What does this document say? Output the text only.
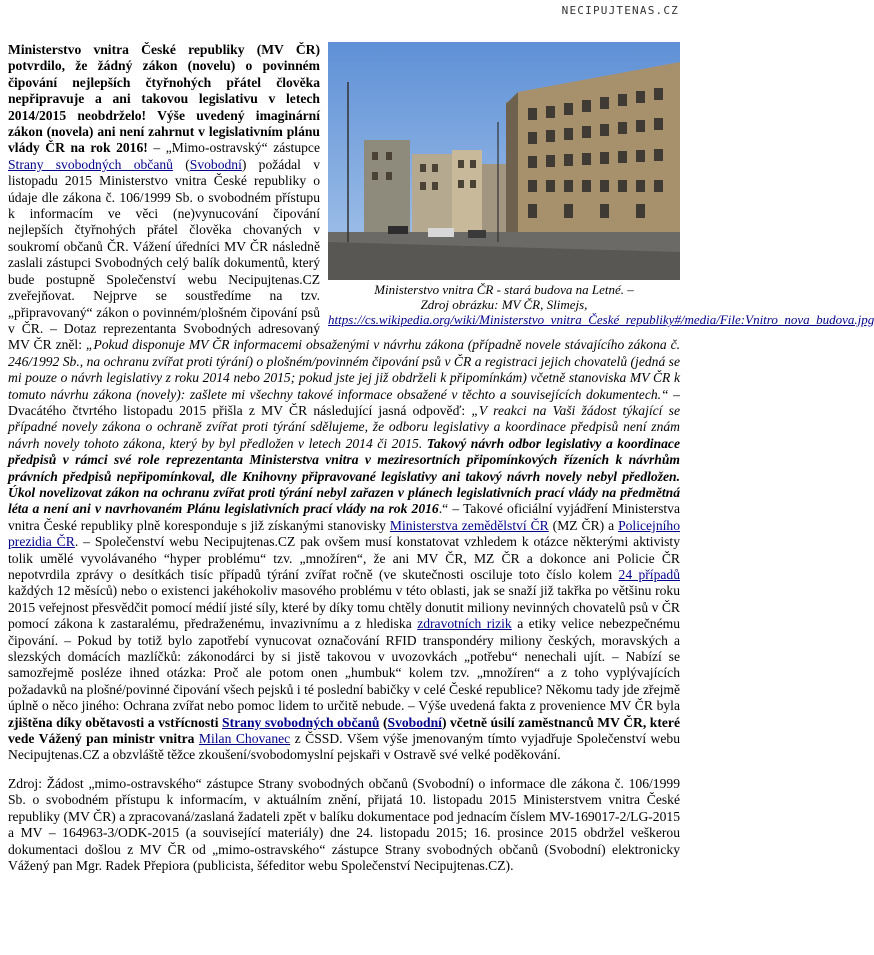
NECIPUJTENAS.CZ
Ministerstvo vnitra ČR - stará budova na Letné. –
Zdroj obrázku: MV ČR, Slimejs,
https://cs.wikipedia.org/wiki/Ministerstvo_vnitra_České_republiky#/media/File:Vnitro_nova_budova.jpg

Ministerstvo vnitra České republiky (MV ČR) potvrdilo, že žádný zákon (novelu) o povinném čipování nejlepších čtyřnohých přátel člověka nepřipravuje a ani takovou legislativu v letech 2014/2015 neobdrželo! Výše uvedený imaginární zákon (novela) ani není zahrnut v legislativním plánu vlády ČR na rok 2016! – „Mimo-ostravský“ zástupce Strany svobodných občanů (Svobodní) požádal v listopadu 2015 Ministerstvo vnitra České republiky o údaje dle zákona č. 106/1999 Sb. o svobodném přístupu k informacím ve věci (ne)vynucování čipování nejlepších čtyřnohých přátel člověka chovaných v soukromí občanů ČR. Vážení úředníci MV ČR následně zaslali zástupci Svobodných celý balík dokumentů, který bude postupně Společenství webu Necipujtenas.CZ zveřejňovat. Nejprve se soustředíme na tzv. „připravovaný“ zákon o povinném/plošném čipování psů v ČR. – Dotaz reprezentanta Svobodných adresovaný MV ČR zněl: „Pokud disponuje MV ČR informacemi obsaženými v návrhu zákona (případně novele stávajícího zákona č. 246/1992 Sb., na ochranu zvířat proti týrání) o plošném/povinném čipování psů v ČR a registraci jejich chovatelů (jedná se mi pouze o návrh legislativy z roku 2014 nebo 2015; pokud jste jej již obdrželi k připomínkám) včetně stanoviska MV ČR k tomuto návrhu zákona (novely): zašlete mi všechny takové informace obsažené v těchto a souvisejících dokumentech.“ – Dvacátého čtvrtého listopadu 2015 přišla z MV ČR následující jasná odpověď: „V reakci na Vaši žádost týkající se případné novely zákona o ochraně zvířat proti týrání sdělujeme, že odboru legislativy a koordinace předpisů není znám návrh novely tohoto zákona, který by byl předložen v letech 2014 či 2015. Takový návrh odbor legislativy a koordinace předpisů v rámci své role reprezentanta Ministerstva vnitra v meziresortních připomínkových řízeních k návrhům právních předpisů nepřipomínkoval, dle Knihovny připravované legislativy ani takový návrh novely nebyl předložen. Úkol novelizovat zákon na ochranu zvířat proti týrání nebyl zařazen v plánech legislativních prací vlády na předmětná léta a není ani v navrhovaném Plánu legislativních prací vlády na rok 2016.“ – Takové oficiální vyjádření Ministerstva vnitra České republiky plně koresponduje s již získanými stanovisky Ministerstva zemědělství ČR (MZ ČR) a Policejního prezidia ČR. – Společenství webu Necipujtenas.CZ pak ovšem musí konstatovat vzhledem k otázce některými aktivisty tolik umělé vyvolávaného “hyper problému“ tzv. „množíren“, že ani MV ČR, MZ ČR a dokonce ani Policie ČR nepotvrdila zprávy o desítkách tisíc případů týrání zvířat ročně (ve skutečnosti osciluje toto číslo kolem 24 případů každých 12 měsíců) nebo o existenci jakéhokoliv masového problému v této oblasti, jak se snaží již takřka po většinu roku 2015 veřejnost přesvědčit pomocí médií jisté síly, které by díky tomu chtěly donutit miliony nevinných chovatelů psů v ČR pomocí zákona k zastaralému, předraženému, invazivnímu a z hlediska zdravotních rizik a etiky velice nebezpečnému čipování. – Pokud by totiž bylo zapotřebí vynucovat označování RFID transpondéry miliony českých, moravských a slezských domácích mazlíčků: zákonodárci by si jistě takovou v uvozovkách „potřebu“ nenechali ujít. – Nabízí se samozřejmě posléze ihned otázka: Proč ale potom onen „humbuk“ kolem tzv. „množíren“ a z toho vyplývajících požadavků na plošné/povinné čipování všech pejsků i té poslední babičky v celé České republice? Někomu tady jde zřejmě úplně o něco jiného: Ochrana zvířat nebo pomoc lidem to určitě nebude. – Výše uvedená fakta z provenience MV ČR byla zjištěna díky obětavosti a vstřícnosti Strany svobodných občanů (Svobodní) včetně úsilí zaměstnanců MV ČR, které vede Vážený pan ministr vnitra Milan Chovanec z ČSSD. Všem výše jmenovaným tímto vyjadřuje Společenství webu Necipujtenas.CZ a obzvláště těžce zkoušení/svobodomyslní pejskaři v Ostravě své velké poděkování.

Zdroj: Žádost „mimo-ostravského“ zástupce Strany svobodných občanů (Svobodní) o informace dle zákona č. 106/1999 Sb. o svobodném přístupu k informacím, v aktuálním znění, přijatá 10. listopadu 2015 Ministerstvem vnitra České republiky (MV ČR) a zpracovaná/zaslaná žadateli zpět v balíku dokumentace pod jednacím číslem MV-169017-2/LG-2015 a MV – 164963-3/ODK-2015 (a související materiály) dne 24. listopadu 2015; 16. prosince 2015 obdržel veškerou dokumentaci došlou z MV ČR od „mimo-ostravského“ zástupce Strany svobodných občanů (Svobodní) elektronicky Vážený pan Mgr. Radek Přepiora (publicista, šéfeditor webu Společenství Necipujtenas.CZ).
